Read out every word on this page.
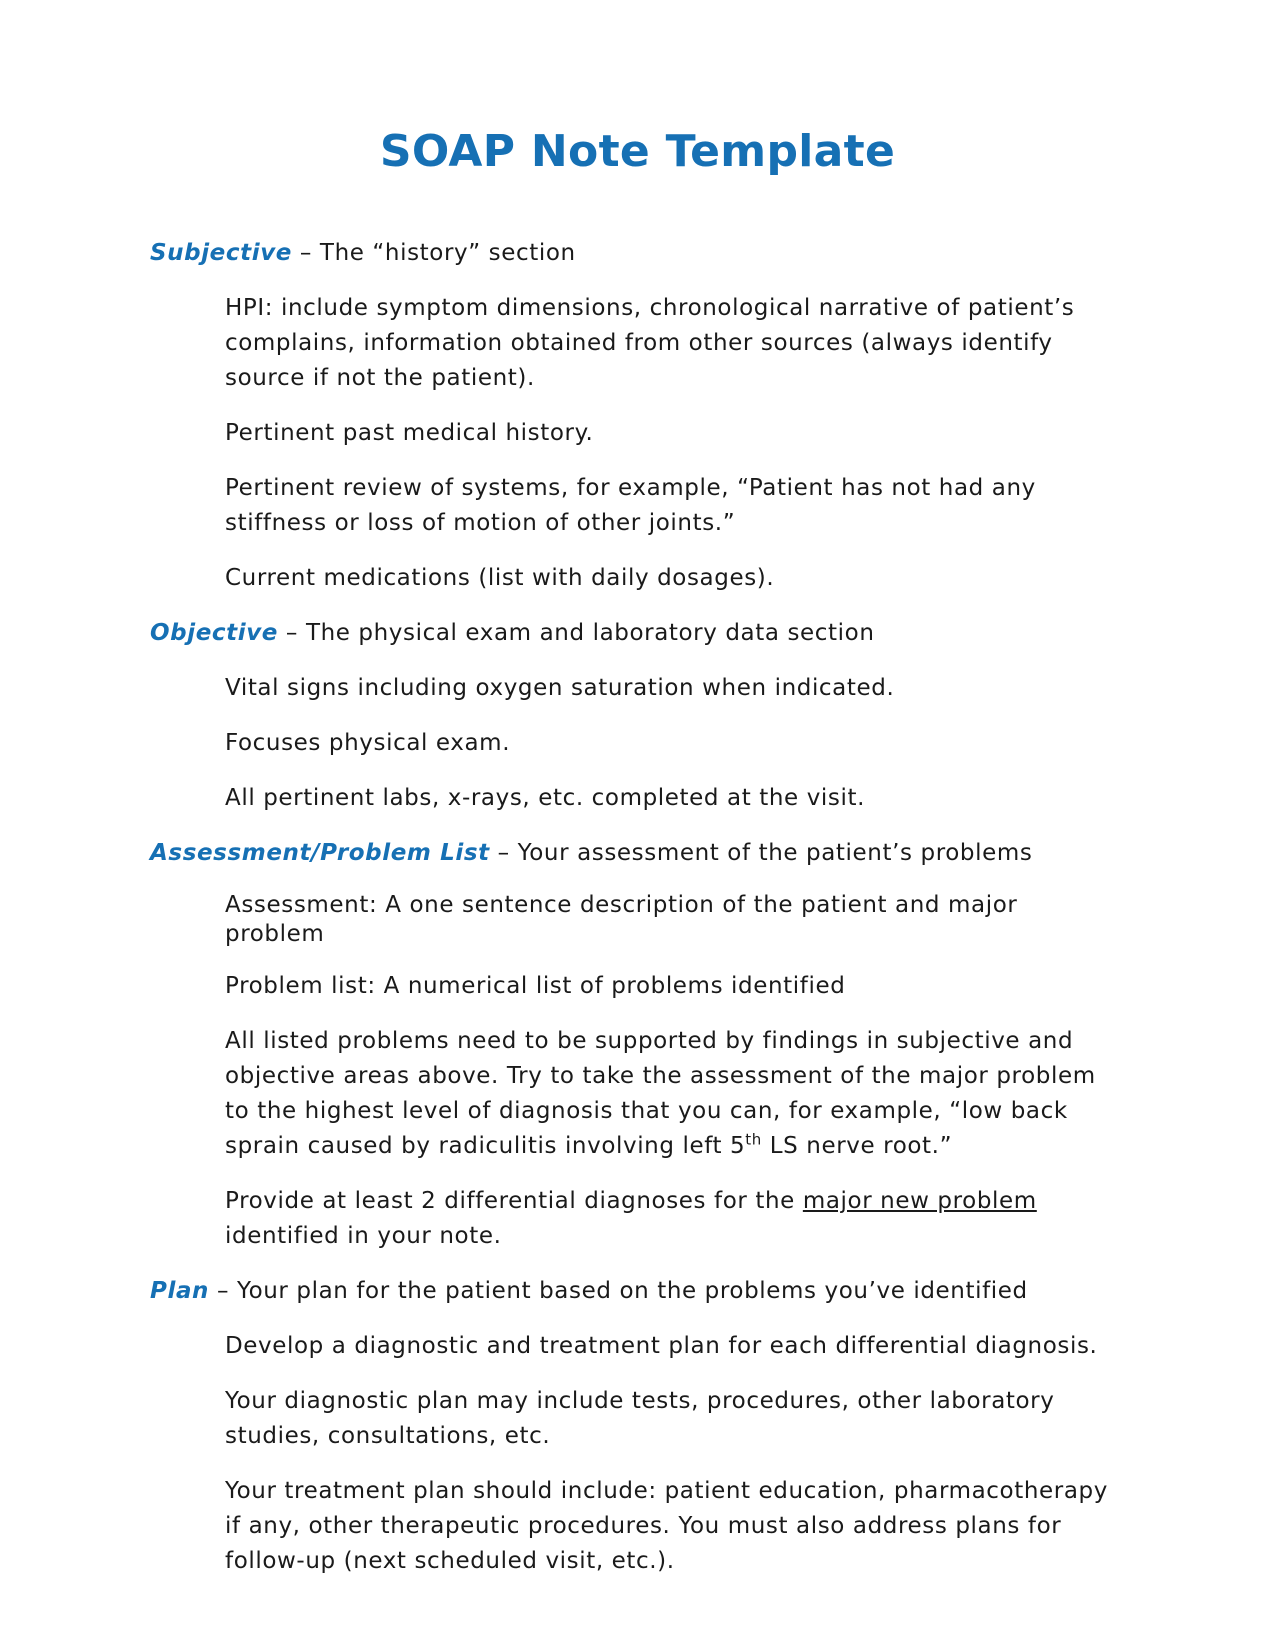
SOAP Note Template

Subjective – The “history” section

HPI: include symptom dimensions, chronological narrative of patient’s complains, information obtained from other sources (always identify source if not the patient).

Pertinent past medical history.

Pertinent review of systems, for example, “Patient has not had any stiffness or loss of motion of other joints.”

Current medications (list with daily dosages).

Objective – The physical exam and laboratory data section

Vital signs including oxygen saturation when indicated.

Focuses physical exam.

All pertinent labs, x-rays, etc. completed at the visit.

Assessment/Problem List – Your assessment of the patient’s problems

Assessment: A one sentence description of the patient and major problem

Problem list: A numerical list of problems identified

All listed problems need to be supported by findings in subjective and objective areas above. Try to take the assessment of the major problem to the highest level of diagnosis that you can, for example, “low back sprain caused by radiculitis involving left 5th LS nerve root.”

Provide at least 2 differential diagnoses for the major new problem identified in your note.

Plan – Your plan for the patient based on the problems you’ve identified

Develop a diagnostic and treatment plan for each differential diagnosis.

Your diagnostic plan may include tests, procedures, other laboratory studies, consultations, etc.

Your treatment plan should include: patient education, pharmacotherapy if any, other therapeutic procedures. You must also address plans for follow-up (next scheduled visit, etc.).
